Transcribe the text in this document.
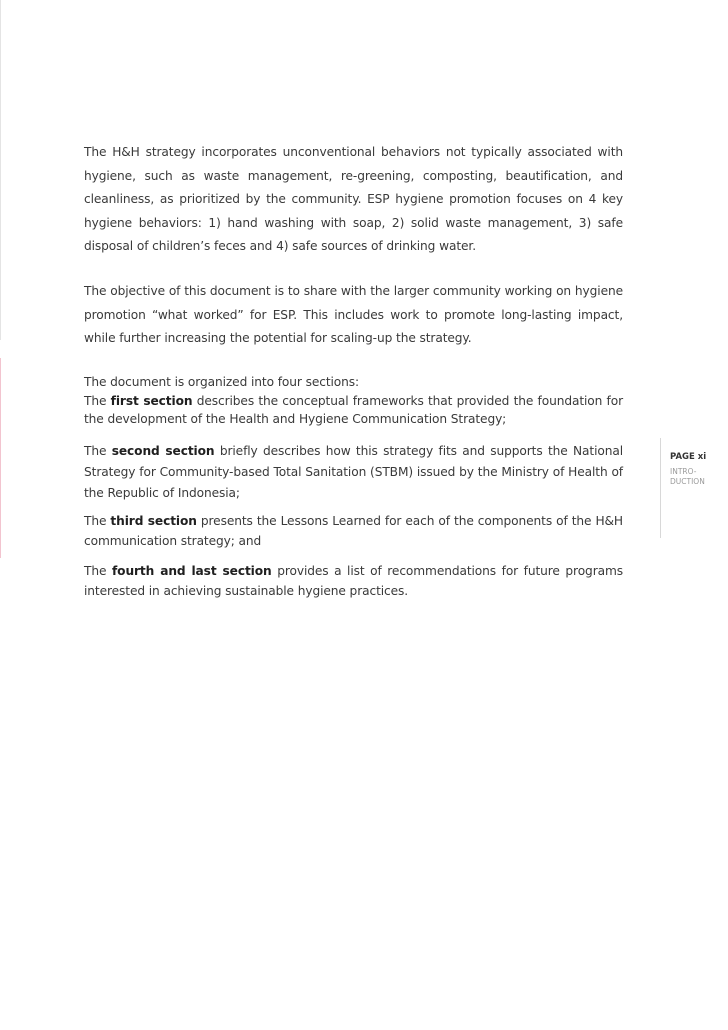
The H&H strategy incorporates unconventional behaviors not typically associated with hygiene, such as waste management, re-greening, composting, beautification, and cleanliness, as prioritized by the community. ESP hygiene promotion focuses on 4 key hygiene behaviors: 1) hand washing with soap, 2) solid waste management, 3) safe disposal of children’s feces and 4) safe sources of drinking water.

The objective of this document is to share with the larger community working on hygiene promotion “what worked” for ESP. This includes work to promote long-lasting impact, while further increasing the potential for scaling-up the strategy.

The document is organized into four sections:
The first section describes the conceptual frameworks that provided the foundation for the development of the Health and Hygiene Communication Strategy;

The second section briefly describes how this strategy fits and supports the National Strategy for Community-based Total Sanitation (STBM) issued by the Ministry of Health of the Republic of Indonesia;

The third section presents the Lessons Learned for each of the components of the H&H communication strategy; and

The fourth and last section provides a list of recommendations for future programs interested in achieving sustainable hygiene practices.

PAGE xi

INTRO-
DUCTION
